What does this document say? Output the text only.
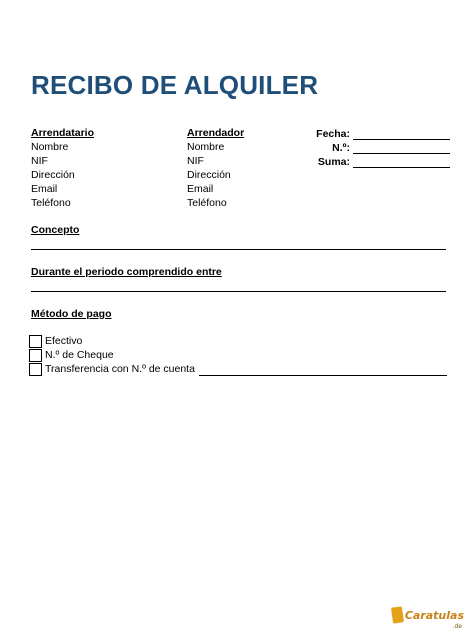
RECIBO DE ALQUILER
Arrendatario
Nombre
NIF
Dirección
Email
Teléfono
Arrendador
Nombre
NIF
Dirección
Email
Teléfono
Fecha:
N.º:
Suma:
Concepto
Durante el periodo comprendido entre
Método de pago
Efectivo
N.º de Cheque
Transferencia con N.º de cuenta
Caratulas
.de
